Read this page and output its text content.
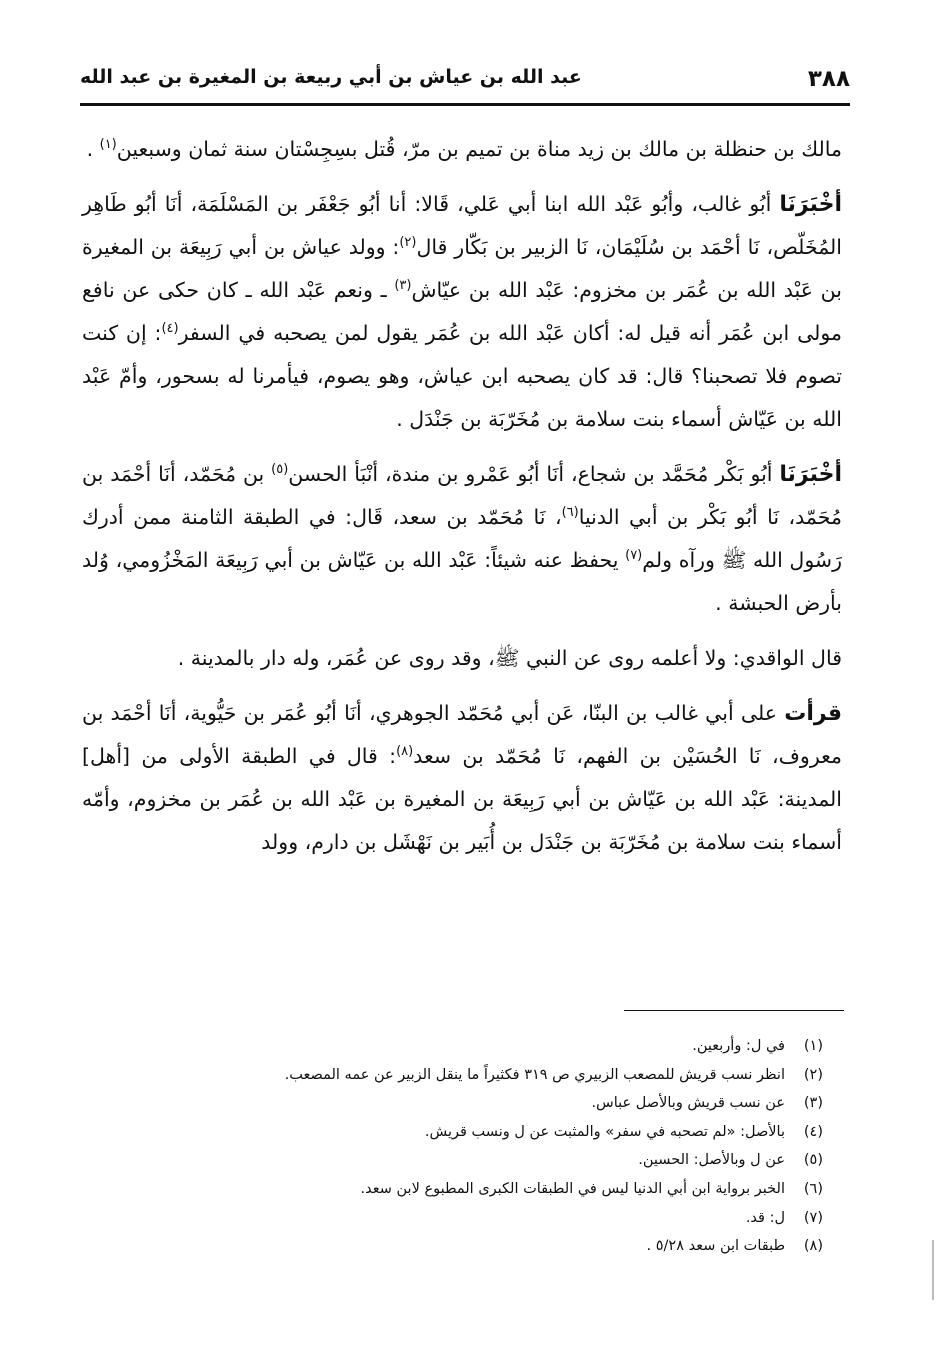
عبد الله بن عياش بن أبي ربيعة بن المغيرة بن عبد الله	٣٨٨

مالك بن حنظلة بن مالك بن زيد مناة بن تميم بن مرّ، قُتل بسِجِسْتان سنة ثمان وسبعين$^{(١)}$ .

أخْبَرَنَا أبُو غالب، وأبُو عَبْد الله ابنا أبي عَلي، قَالا: أنا أبُو جَعْفَر بن المَسْلَمَة، أنَا أبُو طَاهِر المُخَلّص، نَا أحْمَد بن سُلَيْمَان، نَا الزبير بن بَكّار قال$^{(٢)}$: وولد عياش بن أبي رَبِيعَة بن المغيرة بن عَبْد الله بن عُمَر بن مخزوم: عَبْد الله بن عيّاش$^{(٣)}$ ـ ونعم عَبْد الله ـ كان حكى عن نافع مولى ابن عُمَر أنه قيل له: أكان عَبْد الله بن عُمَر يقول لمن يصحبه في السفر$^{(٤)}$: إن كنت تصوم فلا تصحبنا؟ قال: قد كان يصحبه ابن عياش، وهو يصوم، فيأمرنا له بسحور، وأمّ عَبْد الله بن عَيّاش أسماء بنت سلامة بن مُخَرّبَة بن جَنْدَل .

أخْبَرَنَا أبُو بَكْر مُحَمَّد بن شجاع، أنَا أبُو عَمْرو بن مندة، أنْبَأ الحسن$^{(٥)}$ بن مُحَمّد، أنَا أحْمَد بن مُحَمّد، نَا أبُو بَكْر بن أبي الدنيا$^{(٦)}$، نَا مُحَمّد بن سعد، قَال: في الطبقة الثامنة ممن أدرك رَسُول الله ﷺ ورآه ولم$^{(٧)}$ يحفظ عنه شيئاً: عَبْد الله بن عَيّاش بن أبي رَبِيعَة المَخْزُومي، وُلد بأرض الحبشة .

قال الواقدي: ولا أعلمه روى عن النبي ﷺ، وقد روى عن عُمَر، وله دار بالمدينة .

قرأت على أبي غالب بن البنّا، عَن أبي مُحَمّد الجوهري، أنَا أبُو عُمَر بن حَيُّوية، أنَا أحْمَد بن معروف، نَا الحُسَيْن بن الفهم، نَا مُحَمّد بن سعد$^{(٨)}$: قال في الطبقة الأولى من [أهل] المدينة: عَبْد الله بن عَيّاش بن أبي رَبِيعَة بن المغيرة بن عَبْد الله بن عُمَر بن مخزوم، وأمّه أسماء بنت سلامة بن مُخَرّبَة بن جَنْدَل بن أُبَير بن نَهْشَل بن دارم، وولد

(١)
في ل: وأربعين.
(٢)
انظر نسب قريش للمصعب الزبيري ص ٣١٩ فكثيراً ما ينقل الزبير عن عمه المصعب.
(٣)
عن نسب قريش وبالأصل عباس.
(٤)
بالأصل: «لم تصحبه في سفر» والمثبت عن ل ونسب قريش.
(٥)
عن ل وبالأصل: الحسين.
(٦)
الخبر برواية ابن أبي الدنيا ليس في الطبقات الكبرى المطبوع لابن سعد.
(٧)
ل: قد.
(٨)
طبقات ابن سعد ٥/٢٨ .
